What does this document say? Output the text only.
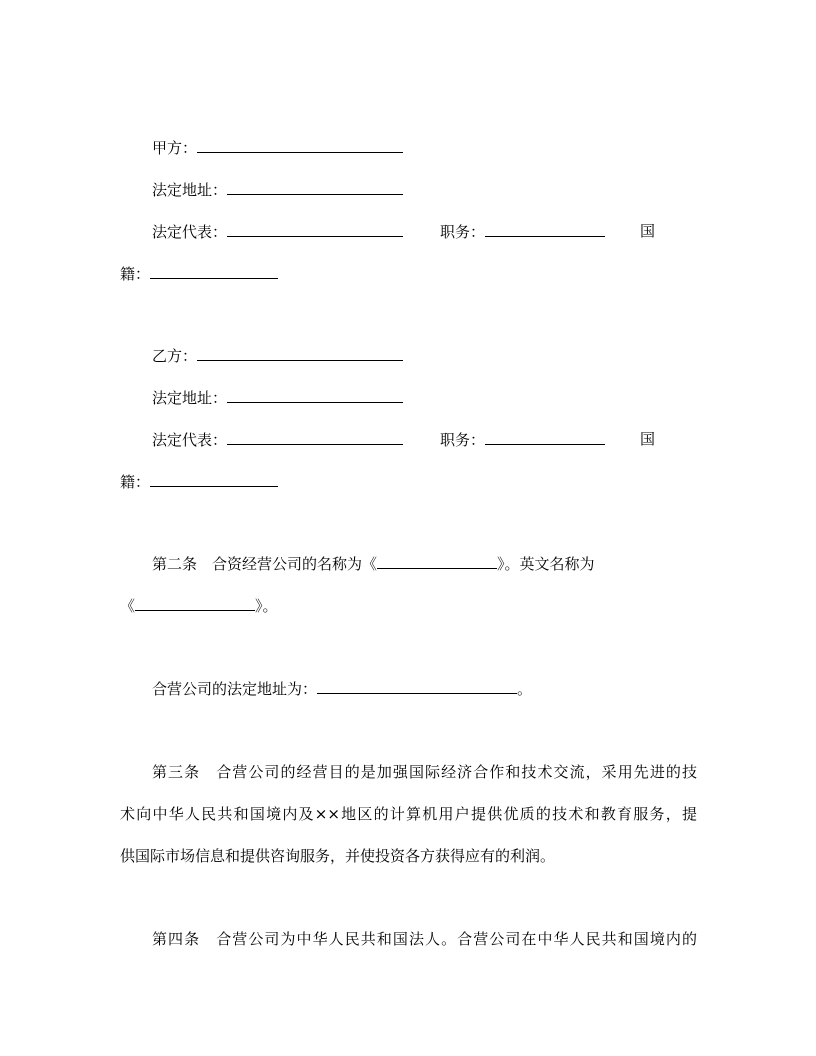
甲方：
法定地址：
法定代表：	职务：	国
籍：
乙方：
法定地址：
法定代表：	职务：	国
籍：
第二条　合资经营公司的名称为《	》。英文名称为
《	》。
合营公司的法定地址为：	。
第三条　合营公司的经营目的是加强国际经济合作和技术交流，采用先进的技
术向中华人民共和国境内及××地区的计算机用户提供优质的技术和教育服务，提
供国际市场信息和提供咨询服务，并使投资各方获得应有的利润。
第四条　合营公司为中华人民共和国法人。合营公司在中华人民共和国境内的
